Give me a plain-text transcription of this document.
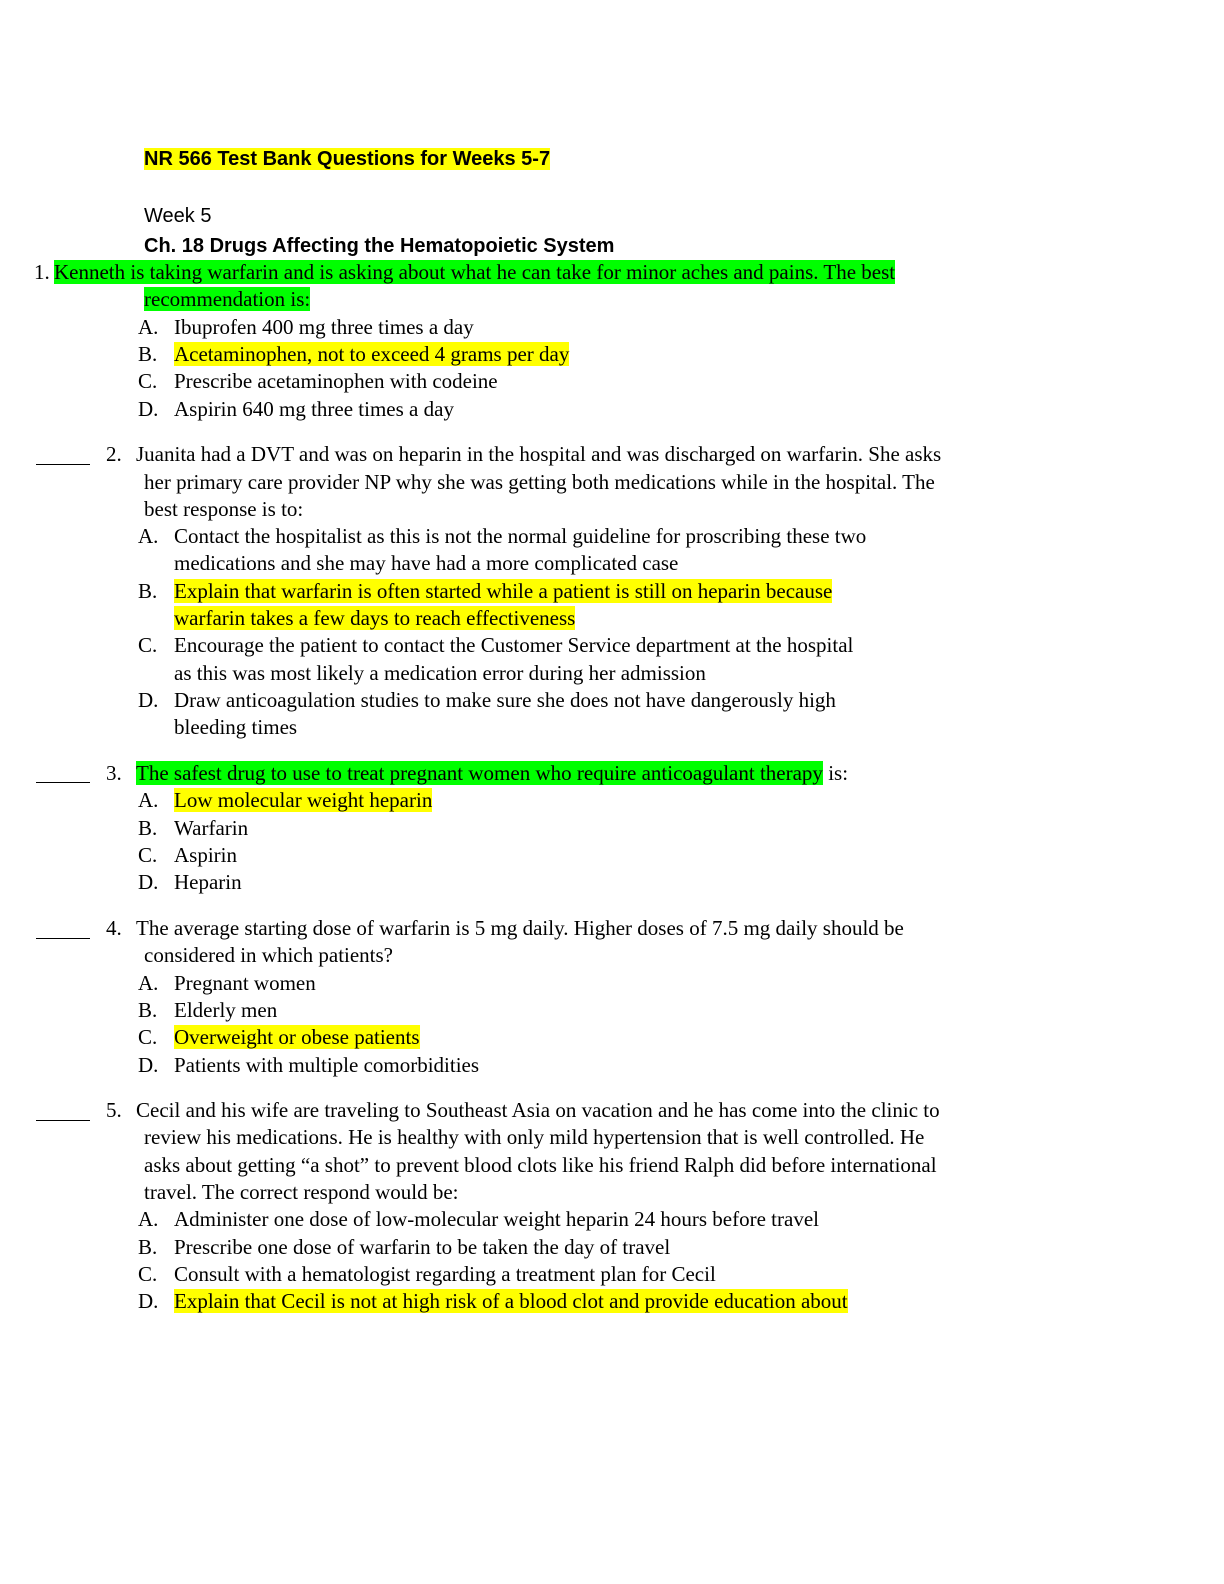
NR 566 Test Bank Questions for Weeks 5-7
Week 5
Ch. 18 Drugs Affecting the Hematopoietic System
1. Kenneth is taking warfarin and is asking about what he can take for minor aches and pains. The best
recommendation is:
A. Ibuprofen 400 mg three times a day
B. Acetaminophen, not to exceed 4 grams per day
C. Prescribe acetaminophen with codeine
D. Aspirin 640 mg three times a day
2. Juanita had a DVT and was on heparin in the hospital and was discharged on warfarin. She asks
her primary care provider NP why she was getting both medications while in the hospital. The
best response is to:
A. Contact the hospitalist as this is not the normal guideline for proscribing these two
medications and she may have had a more complicated case
B. Explain that warfarin is often started while a patient is still on heparin because
warfarin takes a few days to reach effectiveness
C. Encourage the patient to contact the Customer Service department at the hospital
as this was most likely a medication error during her admission
D. Draw anticoagulation studies to make sure she does not have dangerously high
bleeding times
3. The safest drug to use to treat pregnant women who require anticoagulant therapy is:
A. Low molecular weight heparin
B. Warfarin
C. Aspirin
D. Heparin
4. The average starting dose of warfarin is 5 mg daily. Higher doses of 7.5 mg daily should be
considered in which patients?
A. Pregnant women
B. Elderly men
C. Overweight or obese patients
D. Patients with multiple comorbidities
5. Cecil and his wife are traveling to Southeast Asia on vacation and he has come into the clinic to
review his medications. He is healthy with only mild hypertension that is well controlled. He
asks about getting “a shot” to prevent blood clots like his friend Ralph did before international
travel. The correct respond would be:
A. Administer one dose of low-molecular weight heparin 24 hours before travel
B. Prescribe one dose of warfarin to be taken the day of travel
C. Consult with a hematologist regarding a treatment plan for Cecil
D. Explain that Cecil is not at high risk of a blood clot and provide education about
